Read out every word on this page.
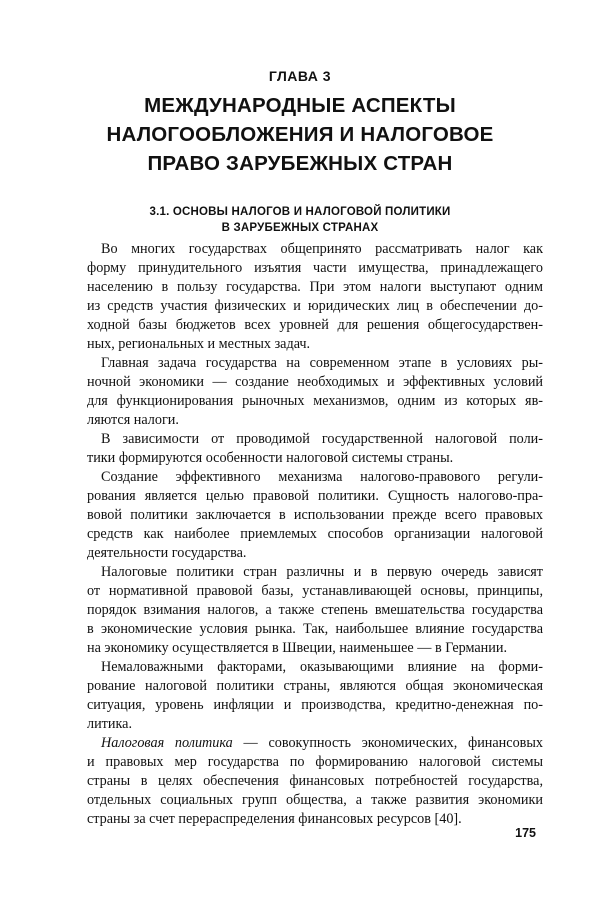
ГЛАВА 3
МЕЖДУНАРОДНЫЕ АСПЕКТЫ
НАЛОГООБЛОЖЕНИЯ И НАЛОГОВОЕ
ПРАВО ЗАРУБЕЖНЫХ СТРАН
3.1. ОСНОВЫ НАЛОГОВ И НАЛОГОВОЙ ПОЛИТИКИ
В ЗАРУБЕЖНЫХ СТРАНАХ

Во многих государствах общепринято рассматривать налог как
форму принудительного изъятия части имущества, принадлежащего
населению в пользу государства. При этом налоги выступают одним
из средств участия физических и юридических лиц в обеспечении до-
ходной базы бюджетов всех уровней для решения общегосударствен-
ных, региональных и местных задач.

Главная задача государства на современном этапе в условиях ры-
ночной экономики — создание необходимых и эффективных условий
для функционирования рыночных механизмов, одним из которых яв-
ляются налоги.

В зависимости от проводимой государственной налоговой поли-
тики формируются особенности налоговой системы страны.

Создание эффективного механизма налогово-правового регули-
рования является целью правовой политики. Сущность налогово-пра-
вовой политики заключается в использовании прежде всего правовых
средств как наиболее приемлемых способов организации налоговой
деятельности государства.

Налоговые политики стран различны и в первую очередь зависят
от нормативной правовой базы, устанавливающей основы, принципы,
порядок взимания налогов, а также степень вмешательства государства
в экономические условия рынка. Так, наибольшее влияние государства
на экономику осуществляется в Швеции, наименьшее — в Германии.

Немаловажными факторами, оказывающими влияние на форми-
рование налоговой политики страны, являются общая экономическая
ситуация, уровень инфляции и производства, кредитно-денежная по-
литика.

Налоговая политика — совокупность экономических, финансовых
и правовых мер государства по формированию налоговой системы
страны в целях обеспечения финансовых потребностей государства,
отдельных социальных групп общества, а также развития экономики
страны за счет перераспределения финансовых ресурсов [40].

175
